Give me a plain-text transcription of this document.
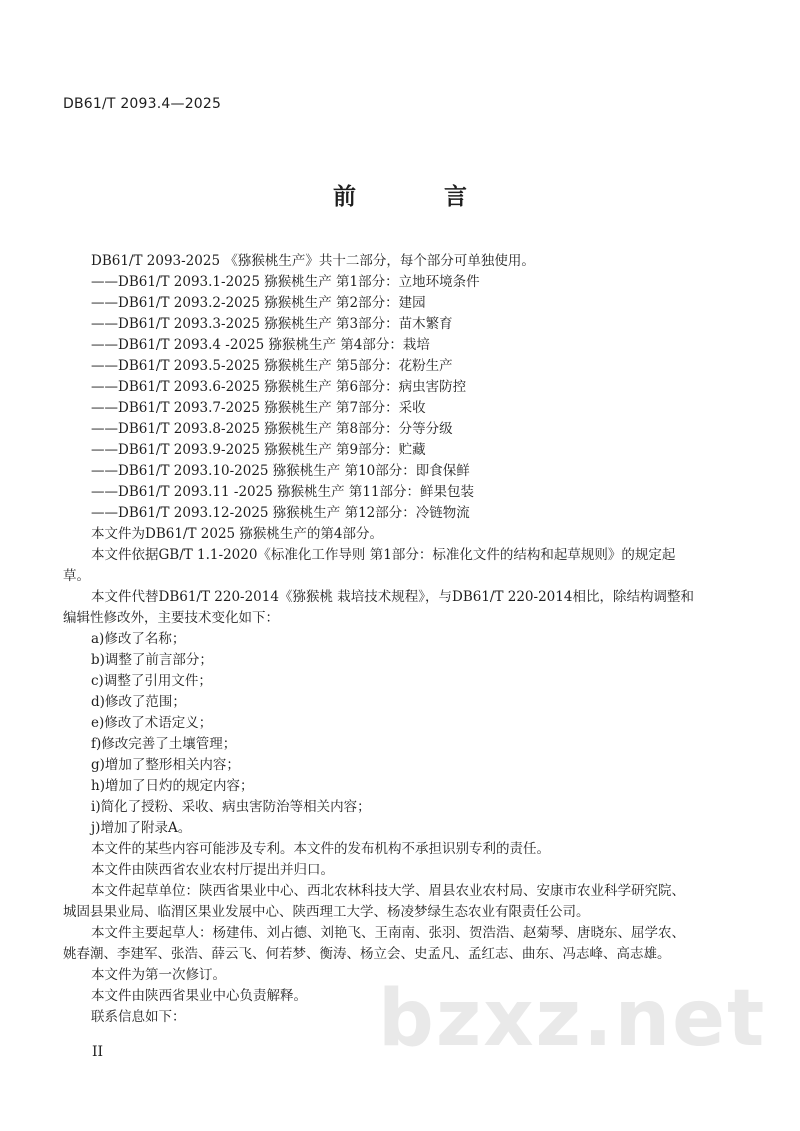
DB61/T 2093.4—2025
前 言

DB61/T 2093-2025 《猕猴桃生产》共十二部分，每个部分可单独使用。

——DB61/T 2093.1-2025 猕猴桃生产 第1部分：立地环境条件

——DB61/T 2093.2-2025 猕猴桃生产 第2部分：建园

——DB61/T 2093.3-2025 猕猴桃生产 第3部分：苗木繁育

——DB61/T 2093.4 -2025 猕猴桃生产 第4部分：栽培

——DB61/T 2093.5-2025 猕猴桃生产 第5部分：花粉生产

——DB61/T 2093.6-2025 猕猴桃生产 第6部分：病虫害防控

——DB61/T 2093.7-2025 猕猴桃生产 第7部分：采收

——DB61/T 2093.8-2025 猕猴桃生产 第8部分：分等分级

——DB61/T 2093.9-2025 猕猴桃生产 第9部分：贮藏

——DB61/T 2093.10-2025 猕猴桃生产 第10部分：即食保鲜

——DB61/T 2093.11 -2025 猕猴桃生产 第11部分：鲜果包装

——DB61/T 2093.12-2025 猕猴桃生产 第12部分：冷链物流

本文件为DB61/T 2025 猕猴桃生产的第4部分。

本文件依据GB/T 1.1-2020《标准化工作导则 第1部分：标准化文件的结构和起草规则》的规定起

草。

本文件代替DB61/T 220-2014《猕猴桃 栽培技术规程》，与DB61/T 220-2014相比，除结构调整和

编辑性修改外，主要技术变化如下：

a)修改了名称；

b)调整了前言部分；

c)调整了引用文件；

d)修改了范围；

e)修改了术语定义；

f)修改完善了土壤管理；

g)增加了整形相关内容；

h)增加了日灼的规定内容；

i)简化了授粉、采收、病虫害防治等相关内容；

j)增加了附录A。

本文件的某些内容可能涉及专利。本文件的发布机构不承担识别专利的责任。

本文件由陕西省农业农村厅提出并归口。

本文件起草单位：陕西省果业中心、西北农林科技大学、眉县农业农村局、安康市农业科学研究院、

城固县果业局、临渭区果业发展中心、陕西理工大学、杨凌梦绿生态农业有限责任公司。

本文件主要起草人：杨建伟、刘占德、刘艳飞、王南南、张羽、贺浩浩、赵菊琴、唐晓东、屈学农、

姚春潮、李建军、张浩、薛云飞、何若梦、衡涛、杨立会、史孟凡、孟红志、曲东、冯志峰、高志雄。

本文件为第一次修订。

本文件由陕西省果业中心负责解释。

联系信息如下：	bzxz.net
II
